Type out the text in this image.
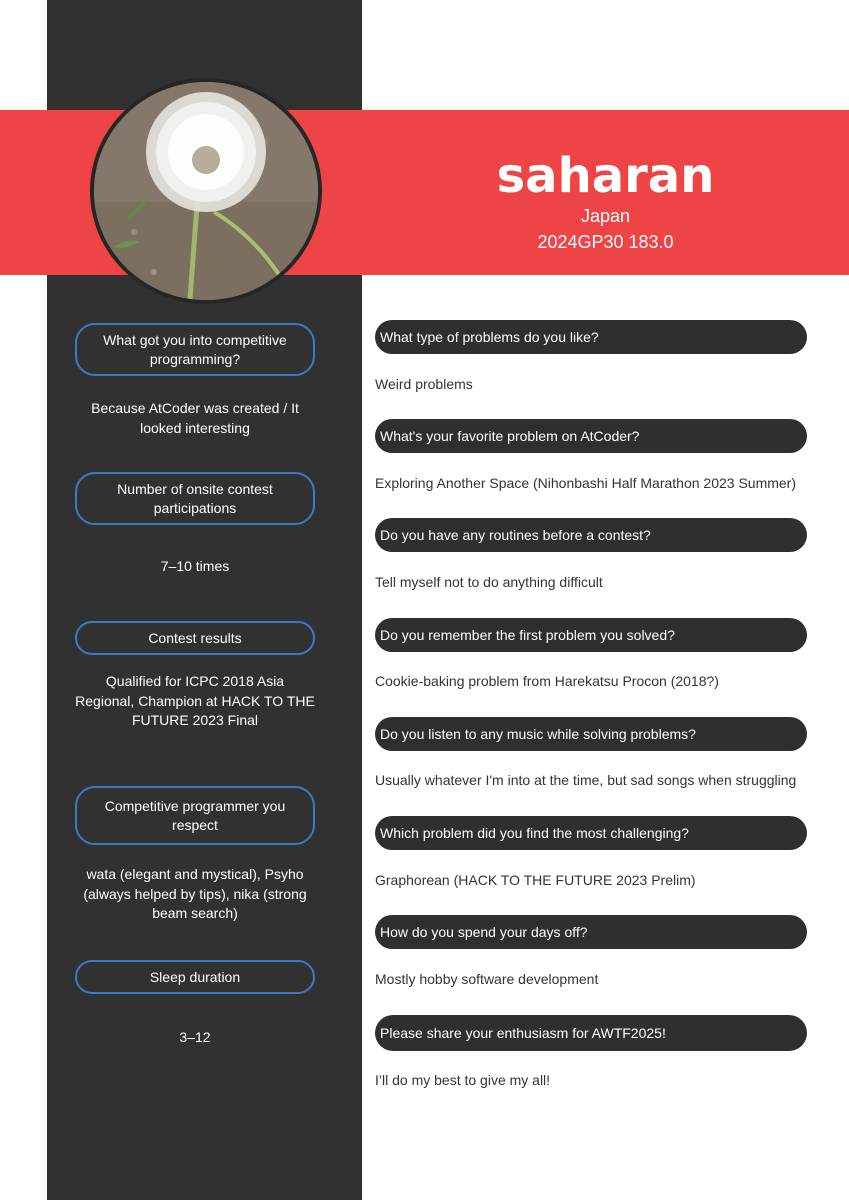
saharan
Japan
2024GP30 183.0
What got you into competitive programming?
Because AtCoder was created / It looked interesting
Number of onsite contest participations
7–10 times
Contest results
Qualified for ICPC 2018 Asia Regional, Champion at HACK TO THE FUTURE 2023 Final
Competitive programmer you respect
wata (elegant and mystical), Psyho (always helped by tips), nika (strong beam search)
Sleep duration
3–12
What type of problems do you like?
Weird problems
What's your favorite problem on AtCoder?
Exploring Another Space (Nihonbashi Half Marathon 2023 Summer)
Do you have any routines before a contest?
Tell myself not to do anything difficult
Do you remember the first problem you solved?
Cookie-baking problem from Harekatsu Procon (2018?)
Do you listen to any music while solving problems?
Usually whatever I'm into at the time, but sad songs when struggling
Which problem did you find the most challenging?
Graphorean (HACK TO THE FUTURE 2023 Prelim)
How do you spend your days off?
Mostly hobby software development
Please share your enthusiasm for AWTF2025!
I’ll do my best to give my all!
